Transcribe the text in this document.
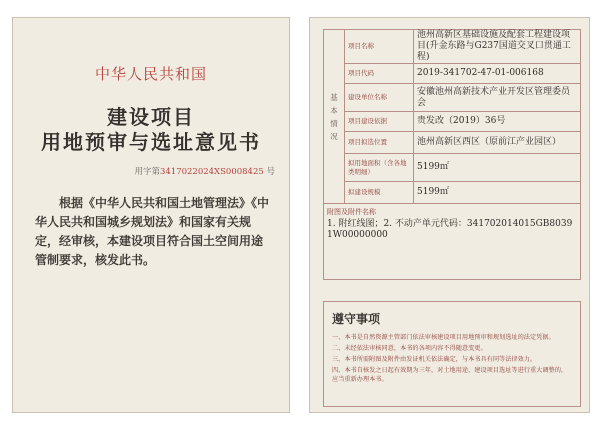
中华人民共和国
建设项目
用地预审与选址意见书
用字第3417022024XS0008425 号
根据《中华人民共和国土地管理法》《中华人民共和国城乡规划法》和国家有关规定，经审核，本建设项目符合国土空间用途管制要求，核发此书。
基本情况	项目名称	池州高新区基础设施及配套工程建设项目(升金东路与G237国道交叉口贯通工程)
	项目代码	2019-341702-47-01-006168
	建设单位名称	安徽池州高新技术产业开发区管理委员会
	项目建设依据	贵发改（2019）36号
	项目拟选位置	池州高新区西区（原前江产业园区）
	拟用地面积（含各地类明细）	5199㎡
	拟建设规模	5199㎡

附图及附件名称
1. 附红线图；2. 不动产单元代码：341702014015GB80391W00000000		
遵守事项
一、本书是自然资源主管部门依法审核建设项目用地预审和规划选址的法定凭据。
二、未经依法审核同意，本书的各项内容不得随意变更。
三、本书所需附图及附件由发证机关依法确定，与本书具有同等法律效力。
四、本书自核发之日起有效期为三年，对土地用途、建设项目选址等进行重大调整的，应当重新办理本书。
